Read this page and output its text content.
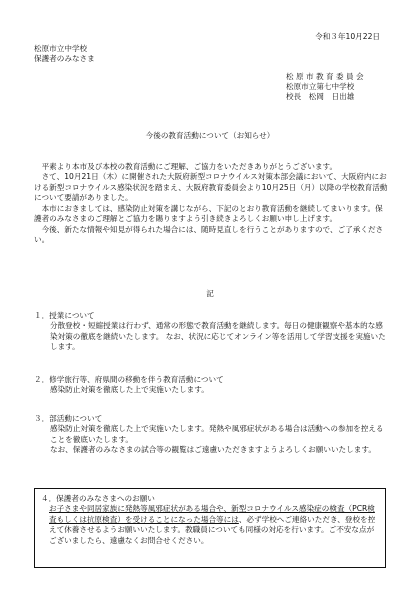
令和３年10月22日
松原市立中学校
保護者のみなさま
松 原 市 教 育 委 員 会
松原市立第七中学校
校長　松岡　日出雄
今後の教育活動について（お知らせ）
　平素より本市及び本校の教育活動にご理解、ご協力をいただきありがとうございます。
　さて、10月21日（木）に開催された大阪府新型コロナウイルス対策本部会議において、大阪府内における新型コロナウイルス感染状況を踏まえ、大阪府教育委員会より10月25日（月）以降の学校教育活動について要請がありました。
　本市におきましては、感染防止対策を講じながら、下記のとおり教育活動を継続してまいります。保護者のみなさまのご理解とご協力を賜りますよう引き続きよろしくお願い申し上げます。
　今後、新たな情報や知見が得られた場合には、随時見直しを行うことがありますので、ご了承ください。
記
１．授業について
分散登校・短縮授業は行わず、通常の形態で教育活動を継続します。毎日の健康観察や基本的な感染対策の徹底を継続いたします。 なお、状況に応じてオンライン等を活用して学習支援を実施いたします。
２．修学旅行等、府県間の移動を伴う教育活動について
感染防止対策を徹底した上で実施いたします。
３．部活動について
感染防止対策を徹底した上で実施いたします。発熱や風邪症状がある場合は活動への参加を控えることを徹底いたします。
なお、保護者のみなさまの試合等の観覧はご遠慮いただきますようよろしくお願いいたします。
４．保護者のみなさまへのお願い
お子さまや同居家族に発熱等風邪症状がある場合や、新型コロナウイルス感染症の検査（PCR検査もしくは抗原検査）を受けることになった場合等には、必ず学校へご連絡いただき、登校を控えて休養させるようお願いいたします。教職員についても同様の対応を行います。ご不安な点がございましたら、遠慮なくお問合せください。
